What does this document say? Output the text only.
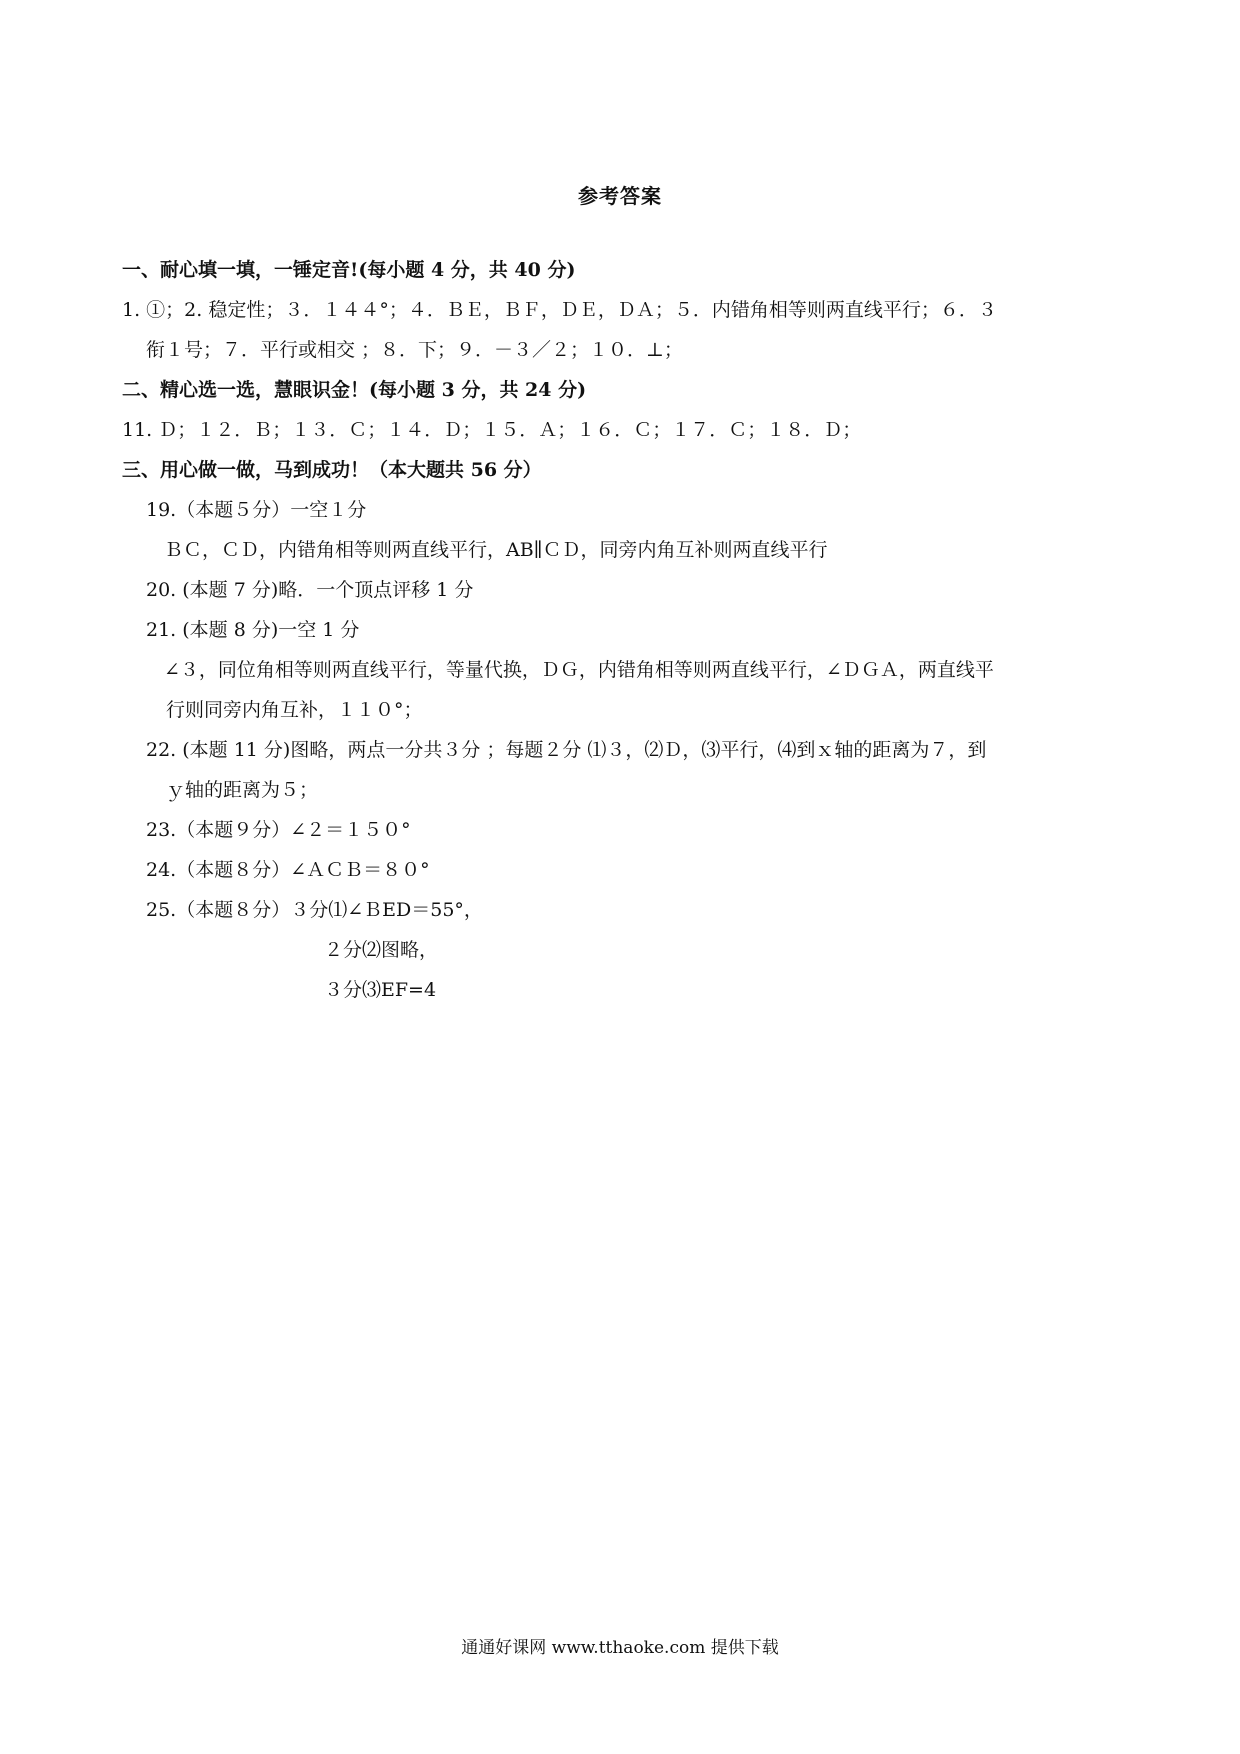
参考答案
一、耐心填一填，一锤定音!(每小题 4 分，共 40 分)
1. ①；2. 稳定性；３．１４４°；４．ＢＥ，ＢＦ，ＤＥ，ＤＡ；５．内错角相等则两直线平行；６．３
衔１号；７．平行或相交 ；８．下；９．－３／２；１０．⊥；
二、精心选一选，慧眼识金！(每小题 3 分，共 24 分)
11. Ｄ；１２．Ｂ；１３．Ｃ；１４．Ｄ；１５．Ａ；１６．Ｃ；１７．Ｃ；１８．Ｄ；
三、用心做一做，马到成功！（本大题共 56 分）
19.（本题５分）一空１分
ＢＣ，ＣＤ，内错角相等则两直线平行，AB∥ＣＤ，同旁内角互补则两直线平行
20. (本题 7 分)略．一个顶点评移 1 分
21. (本题 8 分)一空 1 分
∠３，同位角相等则两直线平行，等量代换，ＤＧ，内错角相等则两直线平行，∠ＤＧＡ，两直线平
行则同旁内角互补，１１０°；
22. (本题 11 分)图略，两点一分共３分 ；每题２分 ⑴３，⑵Ｄ，⑶平行，⑷到ｘ轴的距离为７，到
ｙ轴的距离为５；
23.（本题９分）∠２＝１５０°
24.（本题８分）∠ＡＣＢ＝８０°
25.（本题８分）３分⑴∠ＢED＝55°，
２分⑵图略，
３分⑶EF=4
通通好课网 www.tthaoke.com 提供下载
